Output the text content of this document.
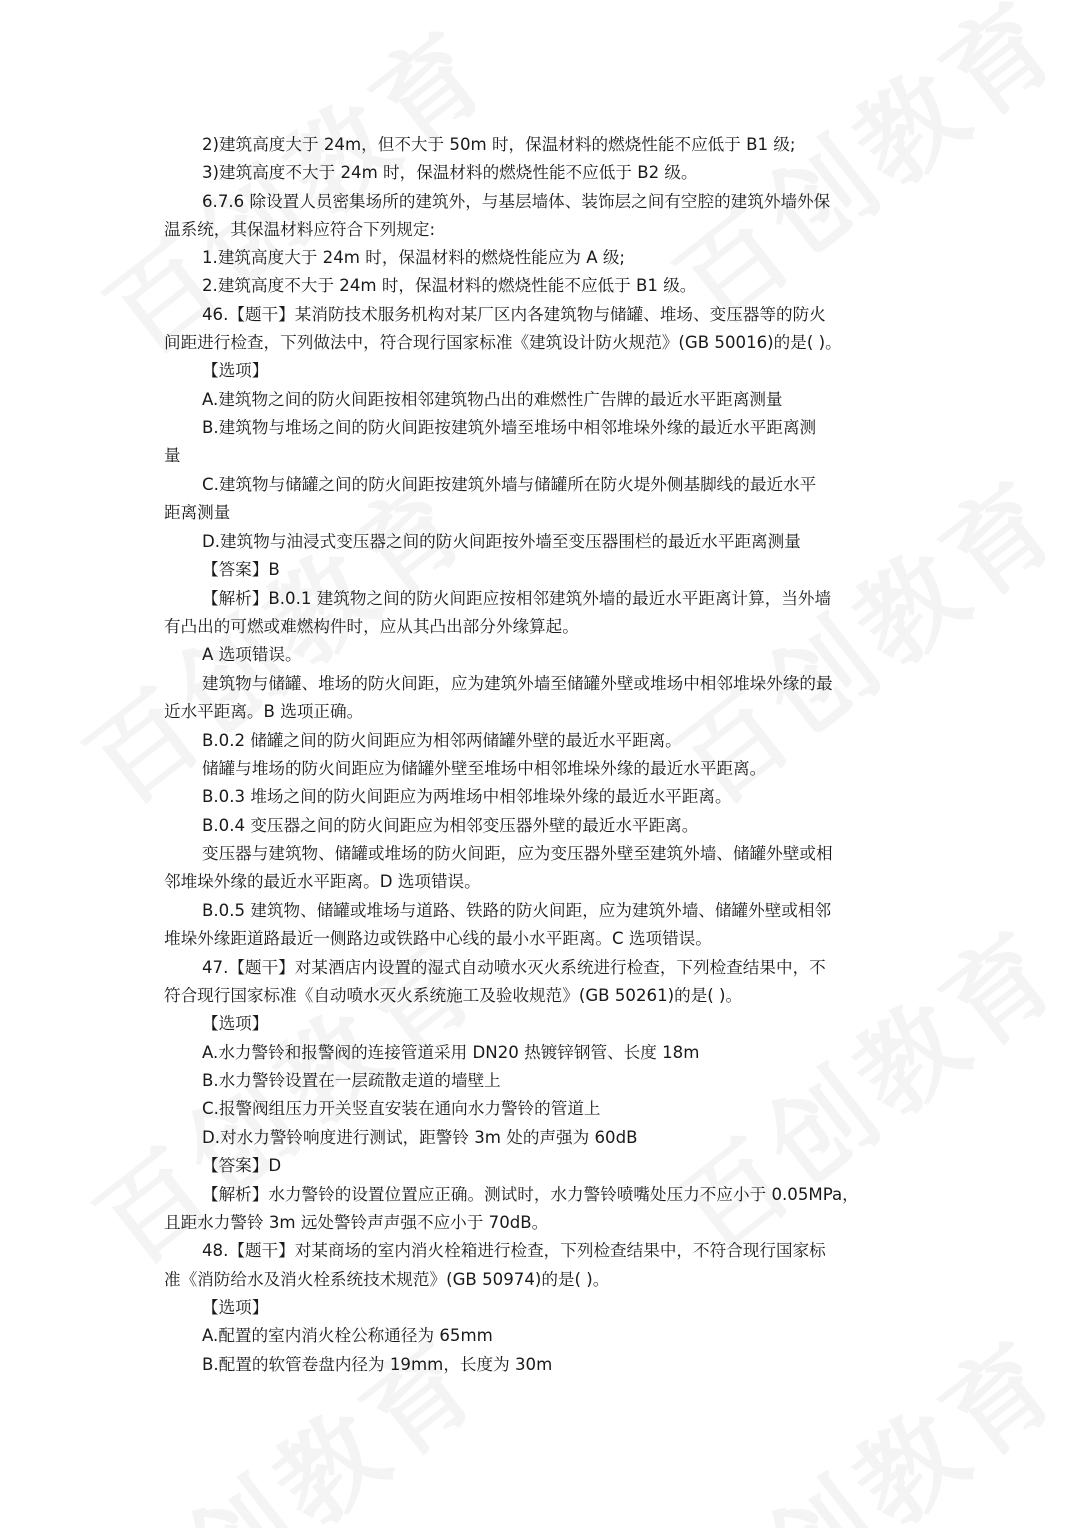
2)建筑高度大于 24m，但不大于 50m 时，保温材料的燃烧性能不应低于 B1 级;
3)建筑高度不大于 24m 时，保温材料的燃烧性能不应低于 B2 级。
6.7.6 除设置人员密集场所的建筑外，与基层墙体、装饰层之间有空腔的建筑外墙外保
温系统，其保温材料应符合下列规定:
1.建筑高度大于 24m 时，保温材料的燃烧性能应为 A 级;
2.建筑高度不大于 24m 时，保温材料的燃烧性能不应低于 B1 级。
46.【题干】某消防技术服务机构对某厂区内各建筑物与储罐、堆场、变压器等的防火
间距进行检查，下列做法中，符合现行国家标准《建筑设计防火规范》(GB 50016)的是( )。
【选项】
A.建筑物之间的防火间距按相邻建筑物凸出的难燃性广告牌的最近水平距离测量
B.建筑物与堆场之间的防火间距按建筑外墙至堆场中相邻堆垛外缘的最近水平距离测
量
C.建筑物与储罐之间的防火间距按建筑外墙与储罐所在防火堤外侧基脚线的最近水平
距离测量
D.建筑物与油浸式变压器之间的防火间距按外墙至变压器围栏的最近水平距离测量
【答案】B
【解析】B.0.1 建筑物之间的防火间距应按相邻建筑外墙的最近水平距离计算，当外墙
有凸出的可燃或难燃构件时，应从其凸出部分外缘算起。
A 选项错误。
建筑物与储罐、堆场的防火间距，应为建筑外墙至储罐外壁或堆场中相邻堆垛外缘的最
近水平距离。B 选项正确。
B.0.2 储罐之间的防火间距应为相邻两储罐外壁的最近水平距离。
储罐与堆场的防火间距应为储罐外壁至堆场中相邻堆垛外缘的最近水平距离。
B.0.3 堆场之间的防火间距应为两堆场中相邻堆垛外缘的最近水平距离。
B.0.4 变压器之间的防火间距应为相邻变压器外壁的最近水平距离。
变压器与建筑物、储罐或堆场的防火间距，应为变压器外壁至建筑外墙、储罐外壁或相
邻堆垛外缘的最近水平距离。D 选项错误。
B.0.5 建筑物、储罐或堆场与道路、铁路的防火间距，应为建筑外墙、储罐外壁或相邻
堆垛外缘距道路最近一侧路边或铁路中心线的最小水平距离。C 选项错误。
47.【题干】对某酒店内设置的湿式自动喷水灭火系统进行检查，下列检查结果中，不
符合现行国家标准《自动喷水灭火系统施工及验收规范》(GB 50261)的是( )。
【选项】
A.水力警铃和报警阀的连接管道采用 DN20 热镀锌钢管、长度 18m
B.水力警铃设置在一层疏散走道的墙壁上
C.报警阀组压力开关竖直安装在通向水力警铃的管道上
D.对水力警铃响度进行测试，距警铃 3m 处的声强为 60dB
【答案】D
【解析】水力警铃的设置位置应正确。测试时，水力警铃喷嘴处压力不应小于 0.05MPa，
且距水力警铃 3m 远处警铃声声强不应小于 70dB。
48.【题干】对某商场的室内消火栓箱进行检查，下列检查结果中，不符合现行国家标
准《消防给水及消火栓系统技术规范》(GB 50974)的是( )。
【选项】
A.配置的室内消火栓公称通径为 65mm
B.配置的软管卷盘内径为 19mm，长度为 30m
